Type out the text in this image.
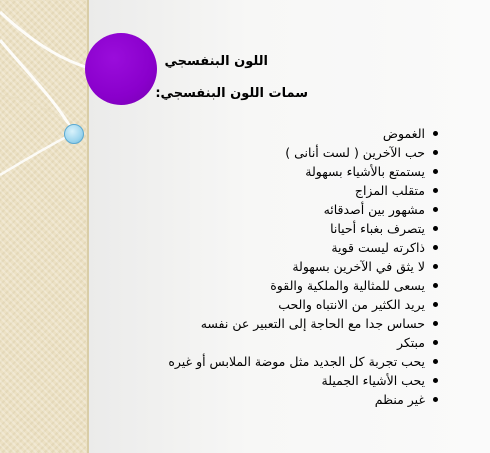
اللون البنفسجي
سمات اللون البنفسجي:
الغموض
حب الآخرين ( لست أنانى )
يستمتع بالأشياء بسهولة
متقلب المزاج
مشهور بين أصدقائه
يتصرف بغباء أحيانا
ذاكرته ليست قوية
لا يثق في الآخرين بسهولة
يسعى للمثالية والملكية والقوة
يريد الكثير من الانتباه والحب
حساس جدا مع الحاجة إلى التعبير عن نفسه
مبتكر
يحب تجربة كل الجديد مثل موضة الملابس أو غيره
يحب الأشياء الجميلة
غير منظم
